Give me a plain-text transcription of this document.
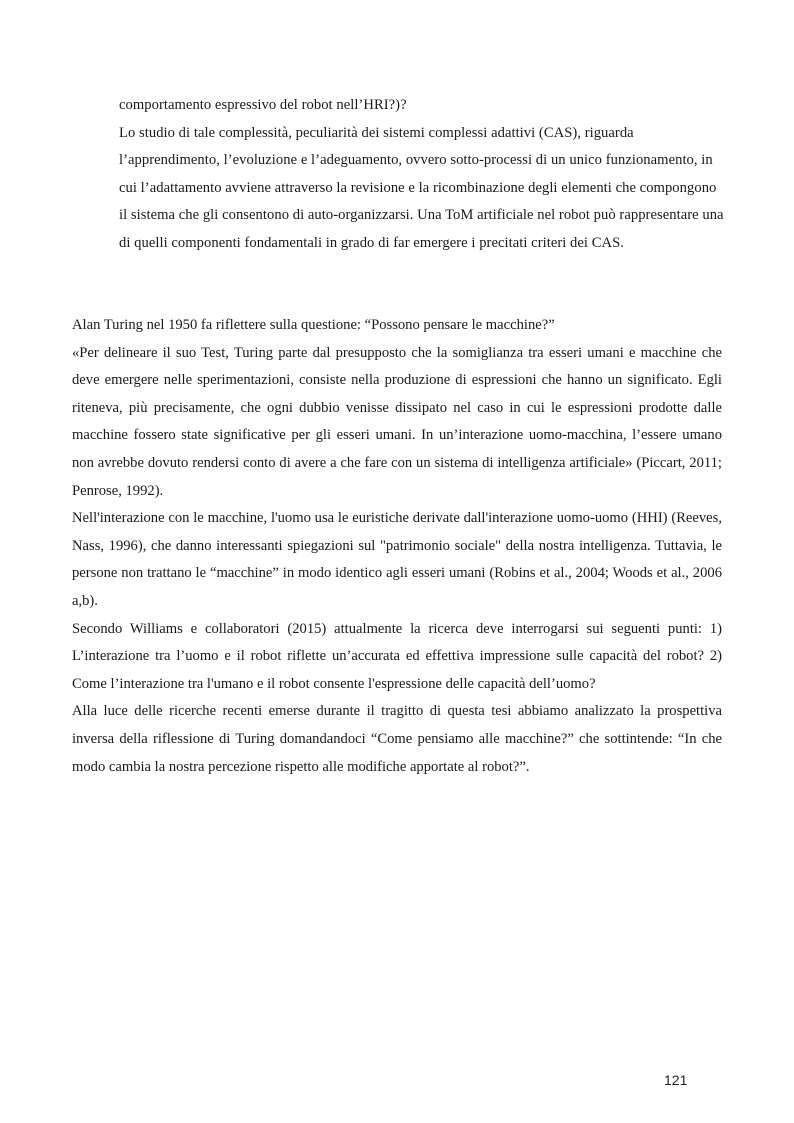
comportamento espressivo del robot nell’HRI?)?

Lo studio di tale complessità, peculiarità dei sistemi complessi adattivi (CAS), riguarda l’apprendimento, l’evoluzione e l’adeguamento, ovvero sotto-processi di un unico funzionamento, in cui l’adattamento avviene attraverso la revisione e la ricombinazione degli elementi che compongono il sistema che gli consentono di auto-organizzarsi. Una ToM artificiale nel robot può rappresentare una di quelli componenti fondamentali in grado di far emergere i precitati criteri dei CAS.

Alan Turing nel 1950 fa riflettere sulla questione: “Possono pensare le macchine?”

«Per delineare il suo Test, Turing parte dal presupposto che la somiglianza tra esseri umani e macchine che deve emergere nelle sperimentazioni, consiste nella produzione di espressioni che hanno un significato. Egli riteneva, più precisamente, che ogni dubbio venisse dissipato nel caso in cui le espressioni prodotte dalle macchine fossero state significative per gli esseri umani. In un’interazione uomo-macchina, l’essere umano non avrebbe dovuto rendersi conto di avere a che fare con un sistema di intelligenza artificiale» (Piccart, 2011; Penrose, 1992).

Nell'interazione con le macchine, l'uomo usa le euristiche derivate dall'interazione uomo-uomo (HHI) (Reeves, Nass, 1996), che danno interessanti spiegazioni sul "patrimonio sociale" della nostra intelligenza. Tuttavia, le persone non trattano le “macchine” in modo identico agli esseri umani (Robins et al., 2004; Woods et al., 2006 a,b).

Secondo Williams e collaboratori (2015) attualmente la ricerca deve interrogarsi sui seguenti punti: 1) L’interazione tra l’uomo e il robot riflette un’accurata ed effettiva impressione sulle capacità del robot? 2) Come l’interazione tra l'umano e il robot consente l'espressione delle capacità dell’uomo?

Alla luce delle ricerche recenti emerse durante il tragitto di questa tesi abbiamo analizzato la prospettiva inversa della riflessione di Turing domandandoci “Come pensiamo alle macchine?” che sottintende: “In che modo cambia la nostra percezione rispetto alle modifiche apportate al robot?”.

121
